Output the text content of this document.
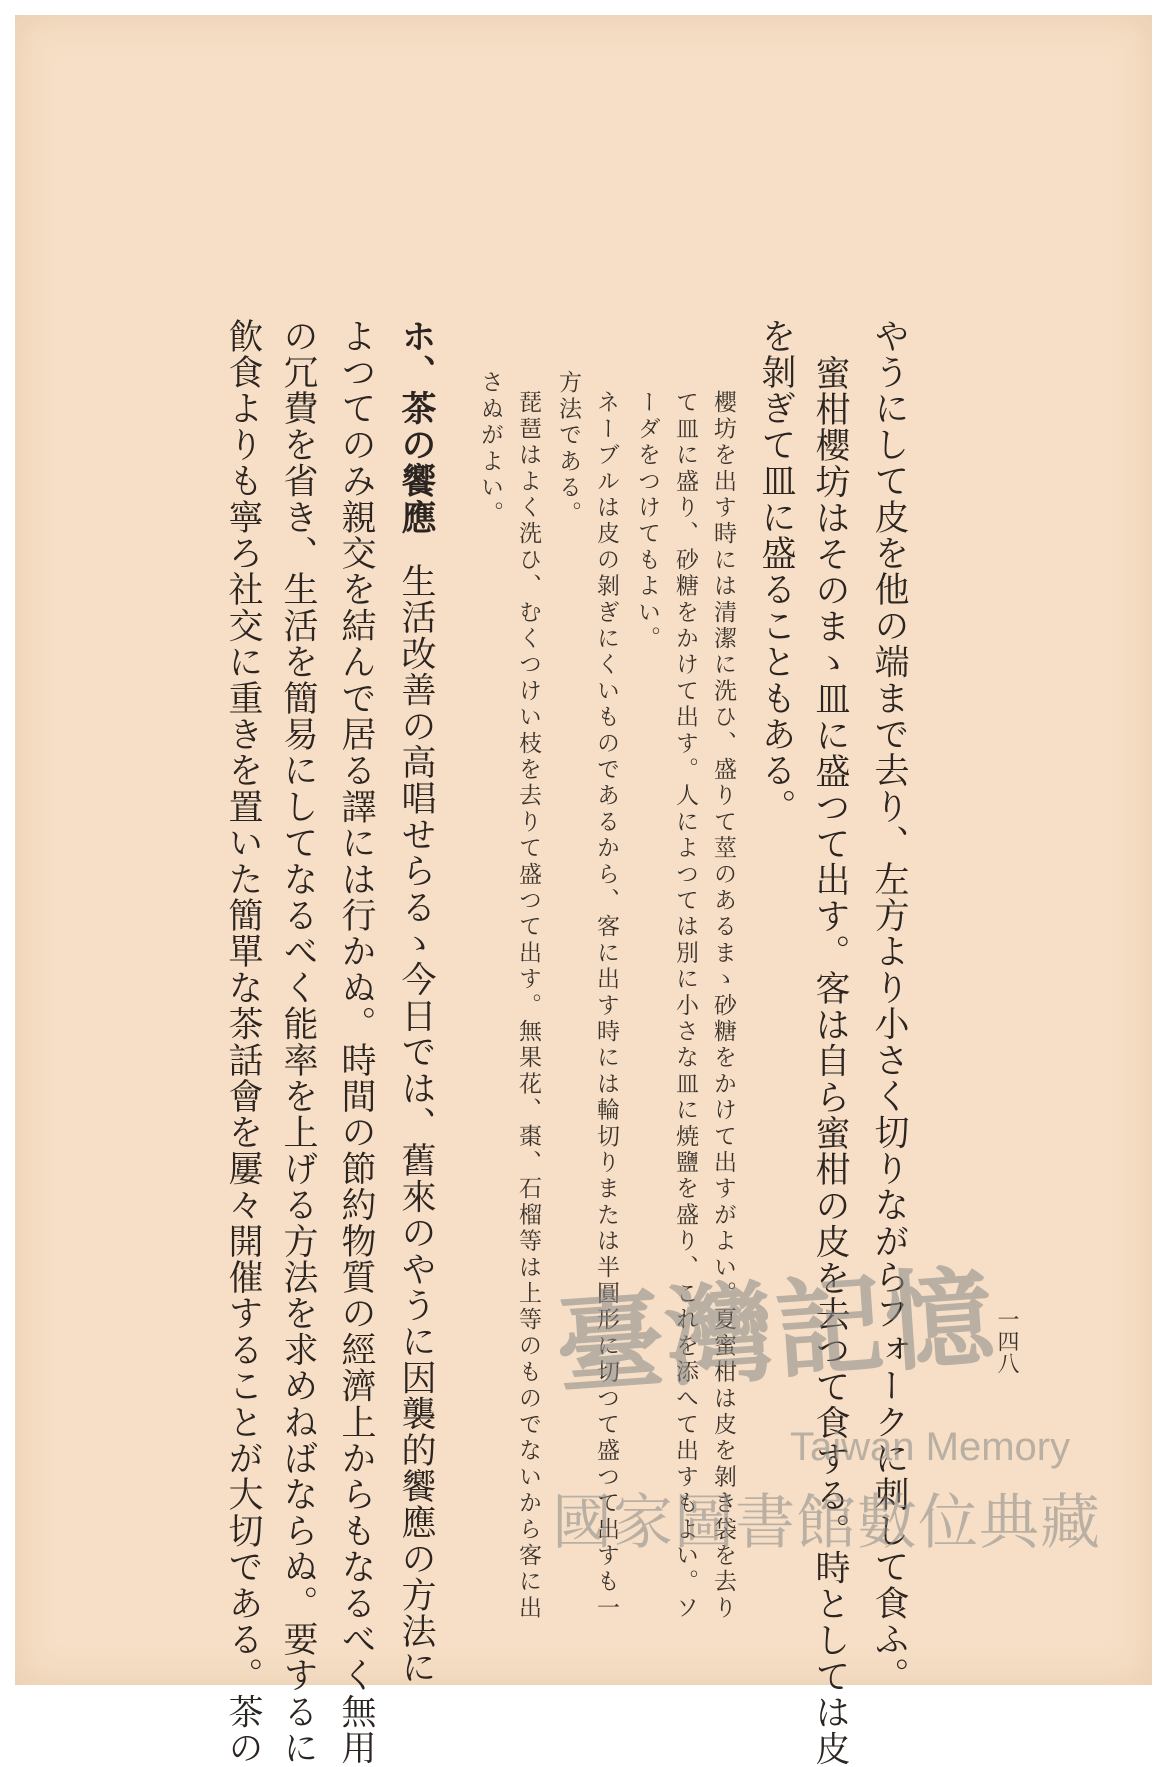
やうにして皮を他の端まで去り、左方より小さく切りながらフォークに刺して食ふ。
蜜柑櫻坊はそのまゝ皿に盛つて出す。客は自ら蜜柑の皮を去つて食する。時としては皮
を剝ぎて皿に盛ることもある。
櫻坊を出す時には清潔に洗ひ、盛りて莖のあるまゝ砂糖をかけて出すがよい。夏蜜柑は皮を剝き袋を去り
て皿に盛り、砂糖をかけて出す。人によつては別に小さな皿に焼鹽を盛り、これを添へて出すもよい。ソ
ーダをつけてもよい。
ネーブルは皮の剝ぎにくいものであるから、客に出す時には輪切りまたは半圓形に切つて盛つて出すも一
方法である。
琵琶はよく洗ひ、むくつけい枝を去りて盛つて出す。無果花、棗、石榴等は上等のものでないから客に出
さぬがよい。
ホ、茶の饗應生活改善の高唱せらるゝ今日では、舊來のやうに因襲的饗應の方法に
よつてのみ親交を結んで居る譯には行かぬ。時間の節約物質の經濟上からもなるべく無用
の冗費を省き、生活を簡易にしてなるべく能率を上げる方法を求めねばならぬ。要するに
飮食よりも寧ろ社交に重きを置いた簡單な茶話會を屢々開催することが大切である。茶の	一四八
臺灣記憶
Taiwan Memory
國家圖書館數位典藏
